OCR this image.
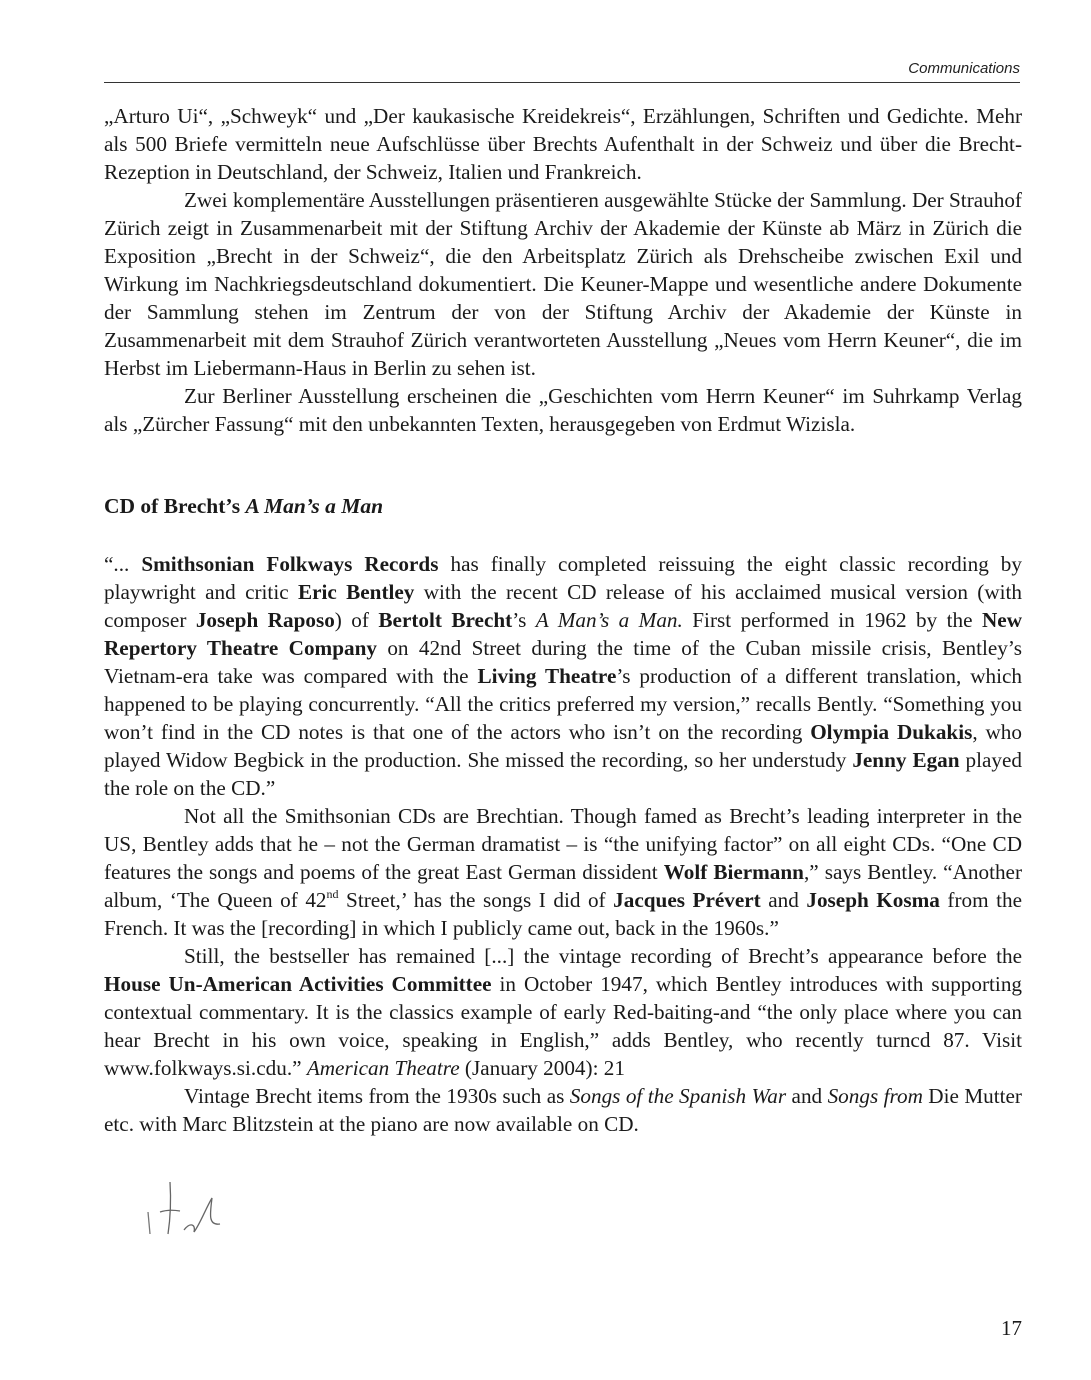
Communications

„Arturo Ui“, „Schweyk“ und „Der kaukasische Kreidekreis“, Erzählungen, Schriften und Gedichte. Mehr als 500 Briefe vermitteln neue Aufschlüsse über Brechts Aufenthalt in der Schweiz und über die Brecht-Rezeption in Deutschland, der Schweiz, Italien und Frankreich.

Zwei komplementäre Ausstellungen präsentieren ausgewählte Stücke der Sammlung. Der Strauhof Zürich zeigt in Zusammenarbeit mit der Stiftung Archiv der Akademie der Künste ab März in Zürich die Exposition „Brecht in der Schweiz“, die den Arbeitsplatz Zürich als Drehscheibe zwischen Exil und Wirkung im Nachkriegsdeutschland dokumentiert. Die Keuner-Mappe und wesentliche andere Dokumente der Sammlung stehen im Zentrum der von der Stiftung Archiv der Akademie der Künste in Zusammenarbeit mit dem Strauhof Zürich verantworteten Ausstellung „Neues vom Herrn Keuner“, die im Herbst im Liebermann-Haus in Berlin zu sehen ist.

Zur Berliner Ausstellung erscheinen die „Geschichten vom Herrn Keuner“ im Suhrkamp Verlag als „Zürcher Fassung“ mit den unbekannten Texten, herausgegeben von Erdmut Wizisla.

CD of Brecht’s A Man’s a Man

“... Smithsonian Folkways Records has finally completed reissuing the eight classic recording by playwright and critic Eric Bentley with the recent CD release of his acclaimed musical version (with composer Joseph Raposo) of Bertolt Brecht’s A Man’s a Man. First performed in 1962 by the New Repertory Theatre Company on 42nd Street during the time of the Cuban missile crisis, Bentley’s Vietnam-era take was compared with the Living Theatre’s production of a different translation, which happened to be playing concurrently. “All the critics preferred my version,” recalls Bently. “Something you won’t find in the CD notes is that one of the actors who isn’t on the recording Olympia Dukakis, who played Widow Begbick in the production. She missed the recording, so her understudy Jenny Egan played the role on the CD.”

Not all the Smithsonian CDs are Brechtian. Though famed as Brecht’s leading interpreter in the US, Bentley adds that he – not the German dramatist – is “the unifying factor” on all eight CDs. “One CD features the songs and poems of the great East German dissident Wolf Biermann,” says Bentley. “Another album, ‘The Queen of 42nd Street,’ has the songs I did of Jacques Prévert and Joseph Kosma from the French. It was the [recording] in which I publicly came out, back in the 1960s.”

Still, the bestseller has remained [...] the vintage recording of Brecht’s appearance before the House Un-American Activities Committee in October 1947, which Bentley introduces with supporting contextual commentary. It is the classics example of early Red-baiting-and “the only place where you can hear Brecht in his own voice, speaking in English,” adds Bentley, who recently turncd 87. Visit www.folkways.si.cdu.” American Theatre (January 2004): 21

Vintage Brecht items from the 1930s such as Songs of the Spanish War and Songs from Die Mutter etc. with Marc Blitzstein at the piano are now available on CD.

17
